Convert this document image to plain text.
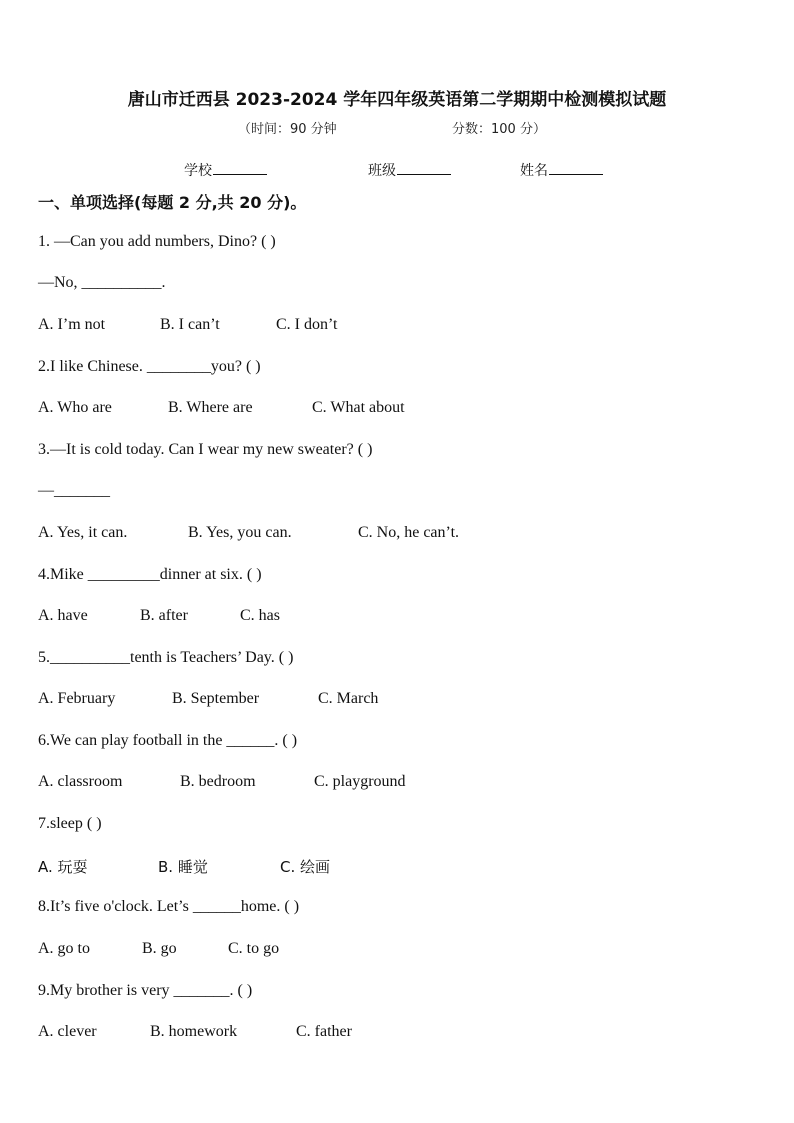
唐山市迁西县 2023-2024 学年四年级英语第二学期期中检测模拟试题
（时间：90 分钟	分数：100 分）
学校	班级	姓名
一、单项选择(每题 2 分,共 20 分)。
1. —Can you add numbers, Dino? ( )
—No, __________.
A. I’m not	B. I can’t	C. I don’t
2.I like Chinese. ________you? ( )
A. Who are	B. Where are	C. What about
3.—It is cold today. Can I wear my new sweater? ( )
—_______
A. Yes, it can.	B. Yes, you can.	C. No, he can’t.
4.Mike _________dinner at six. ( )
A. have	B. after	C. has
5.__________tenth is Teachers’ Day. ( )
A. February	B. September	C. March
6.We can play football in the ______. ( )
A. classroom	B. bedroom	C. playground
7.sleep ( )
A. 玩耍	B. 睡觉	C. 绘画
8.It’s five o'clock. Let’s ______home. ( )
A. go to	B. go	C. to go
9.My brother is very _______. ( )
A. clever	B. homework	C. father
